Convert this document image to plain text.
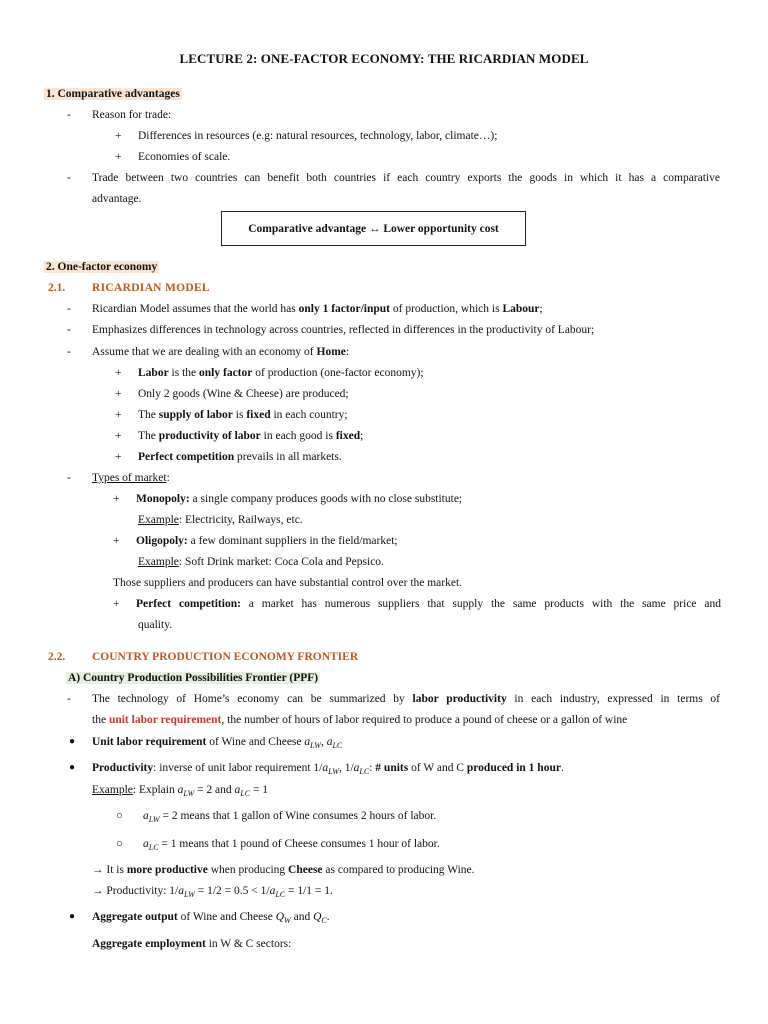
LECTURE 2: ONE-FACTOR ECONOMY: THE RICARDIAN MODEL
1. Comparative advantages
- Reason for trade:
+ Differences in resources (e.g: natural resources, technology, labor, climate…);
+ Economies of scale.
- Trade between two countries can benefit both countries if each country exports the goods in which it has a comparative
advantage.
Comparative advantage ↔ Lower opportunity cost
2. One-factor economy
2.1. RICARDIAN MODEL
- Ricardian Model assumes that the world has only 1 factor/input of production, which is Labour;
- Emphasizes differences in technology across countries, reflected in differences in the productivity of Labour;
- Assume that we are dealing with an economy of Home:
+ Labor is the only factor of production (one-factor economy);
+ Only 2 goods (Wine & Cheese) are produced;
+ The supply of labor is fixed in each country;
+ The productivity of labor in each good is fixed;
+ Perfect competition prevails in all markets.
- Types of market:
+ Monopoly: a single company produces goods with no close substitute;
Example: Electricity, Railways, etc.
+ Oligopoly: a few dominant suppliers in the field/market;
Example: Soft Drink market: Coca Cola and Pepsico.
Those suppliers and producers can have substantial control over the market.
+ Perfect competition: a market has numerous suppliers that supply the same products with the same price and
quality.
2.2. COUNTRY PRODUCTION ECONOMY FRONTIER
A) Country Production Possibilities Frontier (PPF)
- The technology of Home’s economy can be summarized by labor productivity in each industry, expressed in terms of
the unit labor requirement, the number of hours of labor required to produce a pound of cheese or a gallon of wine
● Unit labor requirement of Wine and Cheese $a_{LW}$, $a_{LC}$
● Productivity: inverse of unit labor requirement $1/a_{LW}$, $1/a_{LC}$: # units of W and C produced in 1 hour.
Example: Explain $a_{LW} = 2$ and $a_{LC} = 1$
○ $a_{LW} = 2$ means that 1 gallon of Wine consumes 2 hours of labor.
○ $a_{LC} = 1$ means that 1 pound of Cheese consumes 1 hour of labor.
→ It is more productive when producing Cheese as compared to producing Wine.
→ Productivity: $1/a_{LW} = 1/2 = 0.5 < 1/a_{LC} = 1/1 = 1$.
● Aggregate output of Wine and Cheese $Q_W$ and $Q_C$.
Aggregate employment in W & C sectors:
